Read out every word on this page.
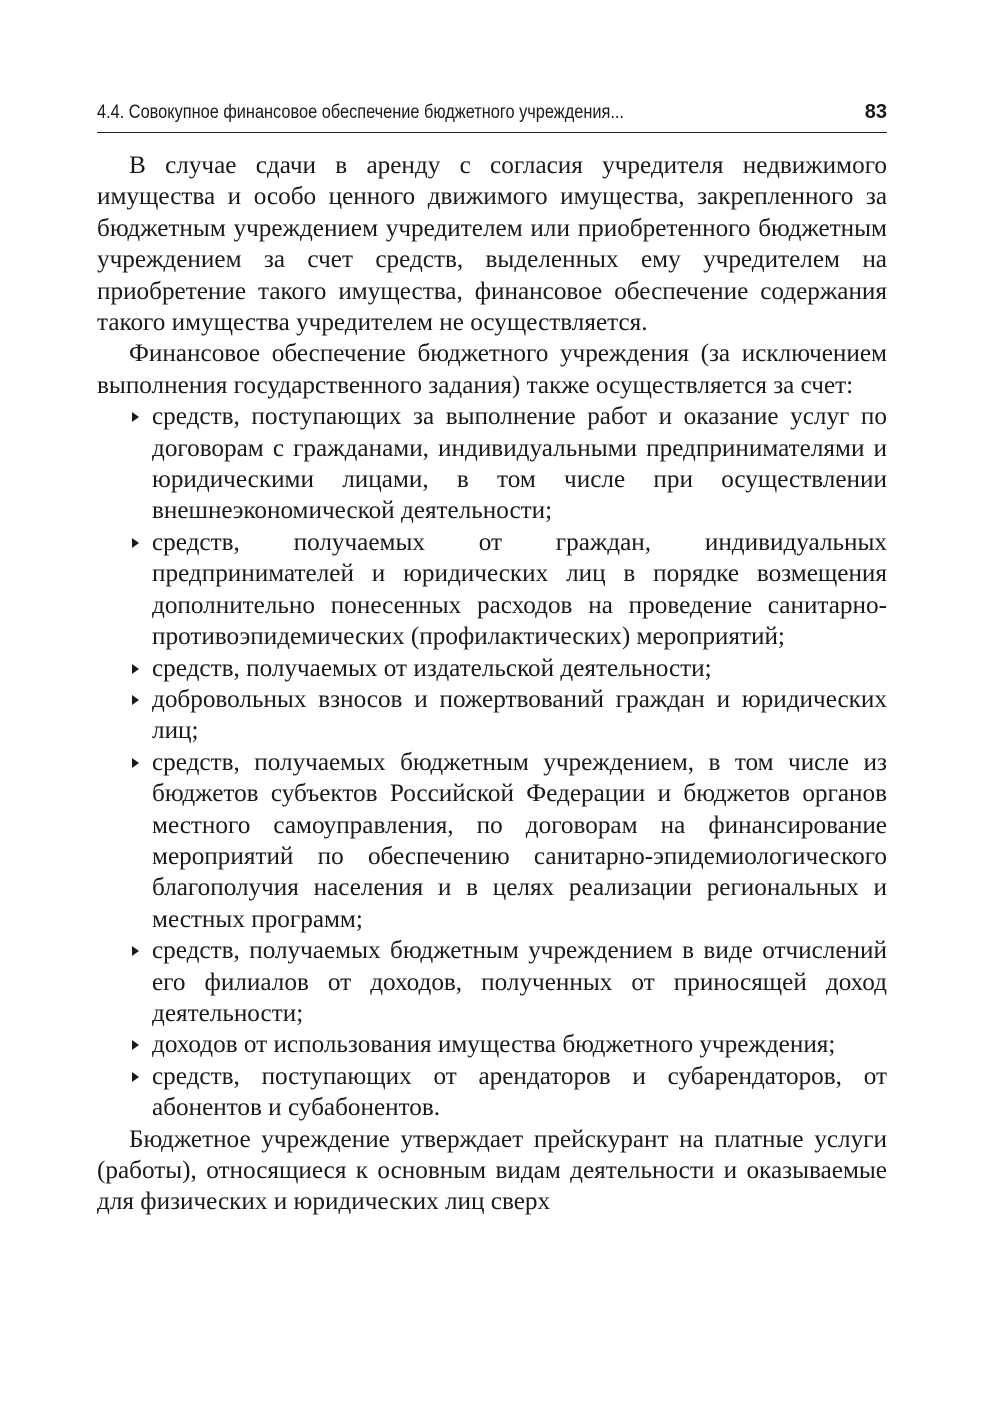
4.4. Совокупное финансовое обеспечение бюджетного учреждения...	83

В случае сдачи в аренду с согласия учредителя недвижимого имущества и особо ценного движимого имущества, закрепленного за бюджетным учреждением учредителем или приобретенного бюджетным учреждением за счет средств, выделенных ему учредителем на приобретение такого имущества, финансовое обеспечение содержания такого имущества учредителем не осуществляется.

Финансовое обеспечение бюджетного учреждения (за исключением выполнения государственного задания) также осуществляется за счет:

средств, поступающих за выполнение работ и оказание услуг по договорам с гражданами, индивидуальными предпринимателями и юридическими лицами, в том числе при осуществлении внешнеэкономической деятельности;
средств, получаемых от граждан, индивидуальных предпринимателей и юридических лиц в порядке возмещения дополнительно понесенных расходов на проведение санитарно-противоэпидемических (профилактических) мероприятий;
средств, получаемых от издательской деятельности;
добровольных взносов и пожертвований граждан и юридических лиц;
средств, получаемых бюджетным учреждением, в том числе из бюджетов субъектов Российской Федерации и бюджетов органов местного самоуправления, по договорам на финансирование мероприятий по обеспечению санитарно-эпидемиологического благополучия населения и в целях реализации региональных и местных программ;
средств, получаемых бюджетным учреждением в виде отчислений его филиалов от доходов, полученных от приносящей доход деятельности;
доходов от использования имущества бюджетного учреждения;
средств, поступающих от арендаторов и субарендаторов, от абонентов и субабонентов.

Бюджетное учреждение утверждает прейскурант на платные услуги (работы), относящиеся к основным видам деятельности и оказываемые для физических и юридических лиц сверх
